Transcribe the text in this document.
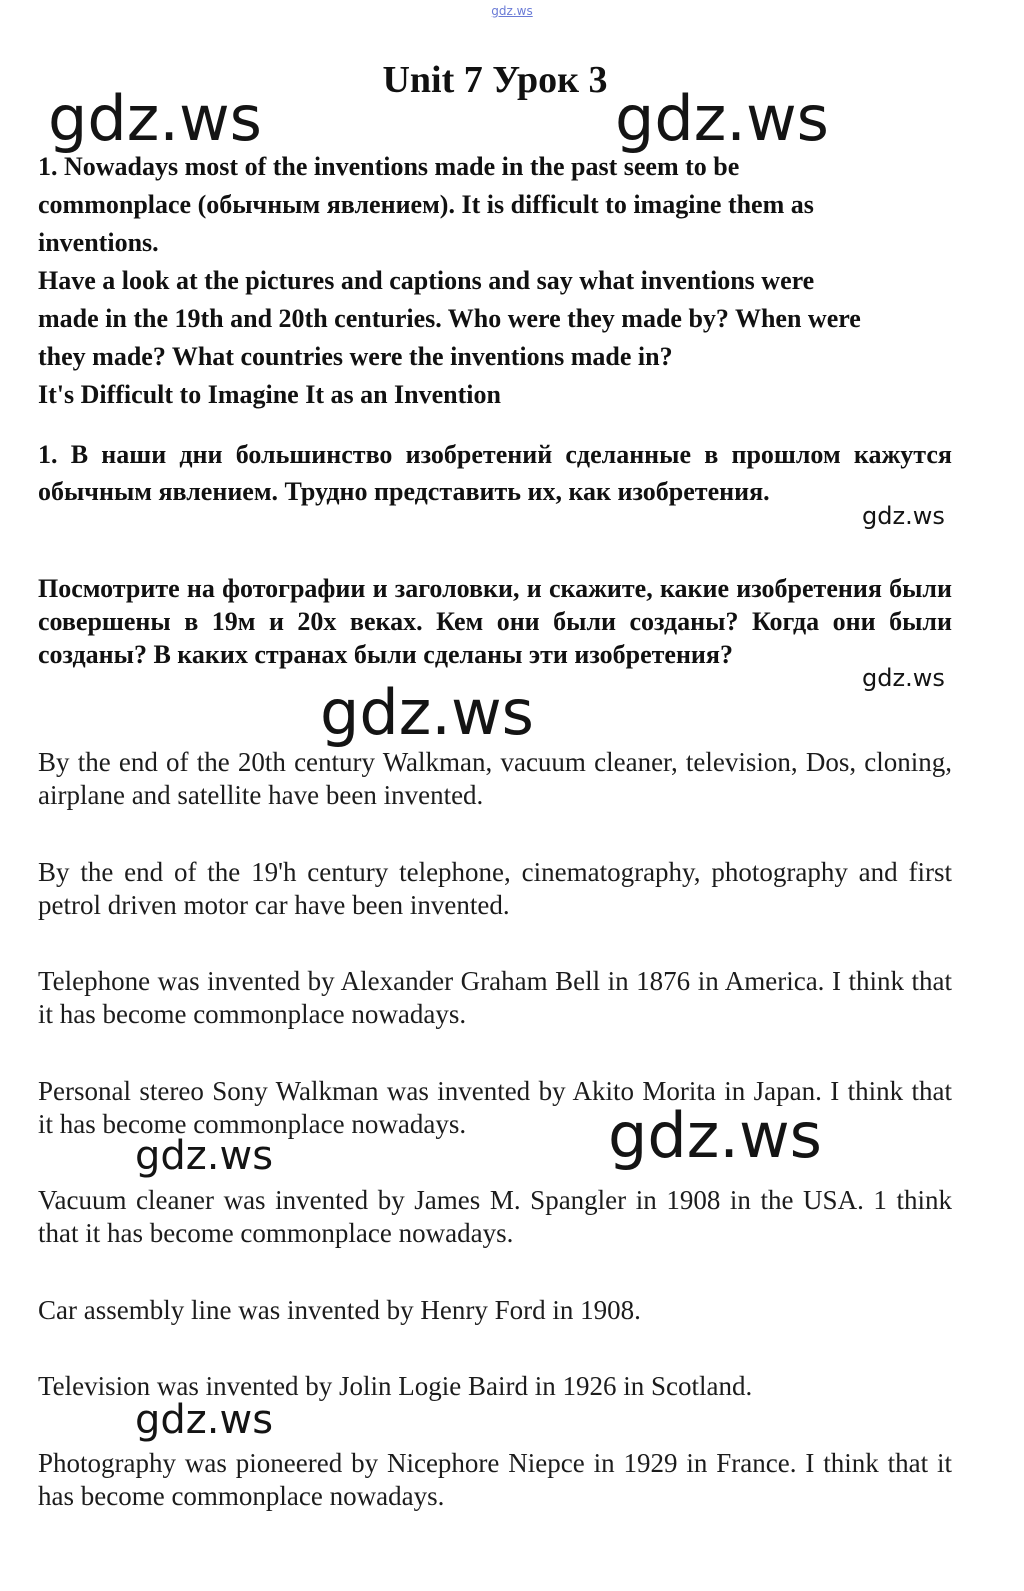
gdz.ws
Unit 7 Урок 3
gdz.ws	gdz.ws
1. Nowadays most of the inventions made in the past seem to be
commonplace (обычным явлением). It is difficult to imagine them as
inventions.
Have a look at the pictures and captions and say what inventions were
made in the 19th and 20th centuries. Who were they made by? When were
they made? What countries were the inventions made in?
It's Difficult to Imagine It as an Invention

1. В наши дни большинство изобретений сделанные в прошлом кажутся обычным явлением. Трудно представить их, как изобретения.

gdz.ws

Посмотрите на фотографии и заголовки, и скажите, какие изобретения были совершены в 19м и 20х веках. Кем они были созданы? Когда они были созданы? В каких странах были сделаны эти изобретения?

gdz.ws
gdz.ws

By the end of the 20th century Walkman, vacuum cleaner, television, Dos, cloning, airplane and satellite have been invented.

By the end of the 19'h century telephone, cinematography, photography and first petrol driven motor car have been invented.

Telephone was invented by Alexander Graham Bell in 1876 in America. I think that it has become commonplace nowadays.

Personal stereo Sony Walkman was invented by Akito Morita in Japan. I think that it has become commonplace nowadays.	gdz.ws
gdz.ws

Vacuum cleaner was invented by James M. Spangler in 1908 in the USA. 1 think that it has become commonplace nowadays.

Car assembly line was invented by Henry Ford in 1908.

Television was invented by Jolin Logie Baird in 1926 in Scotland.

gdz.ws

Photography was pioneered by Nicephore Niepce in 1929 in France. I think that it has become commonplace nowadays.
